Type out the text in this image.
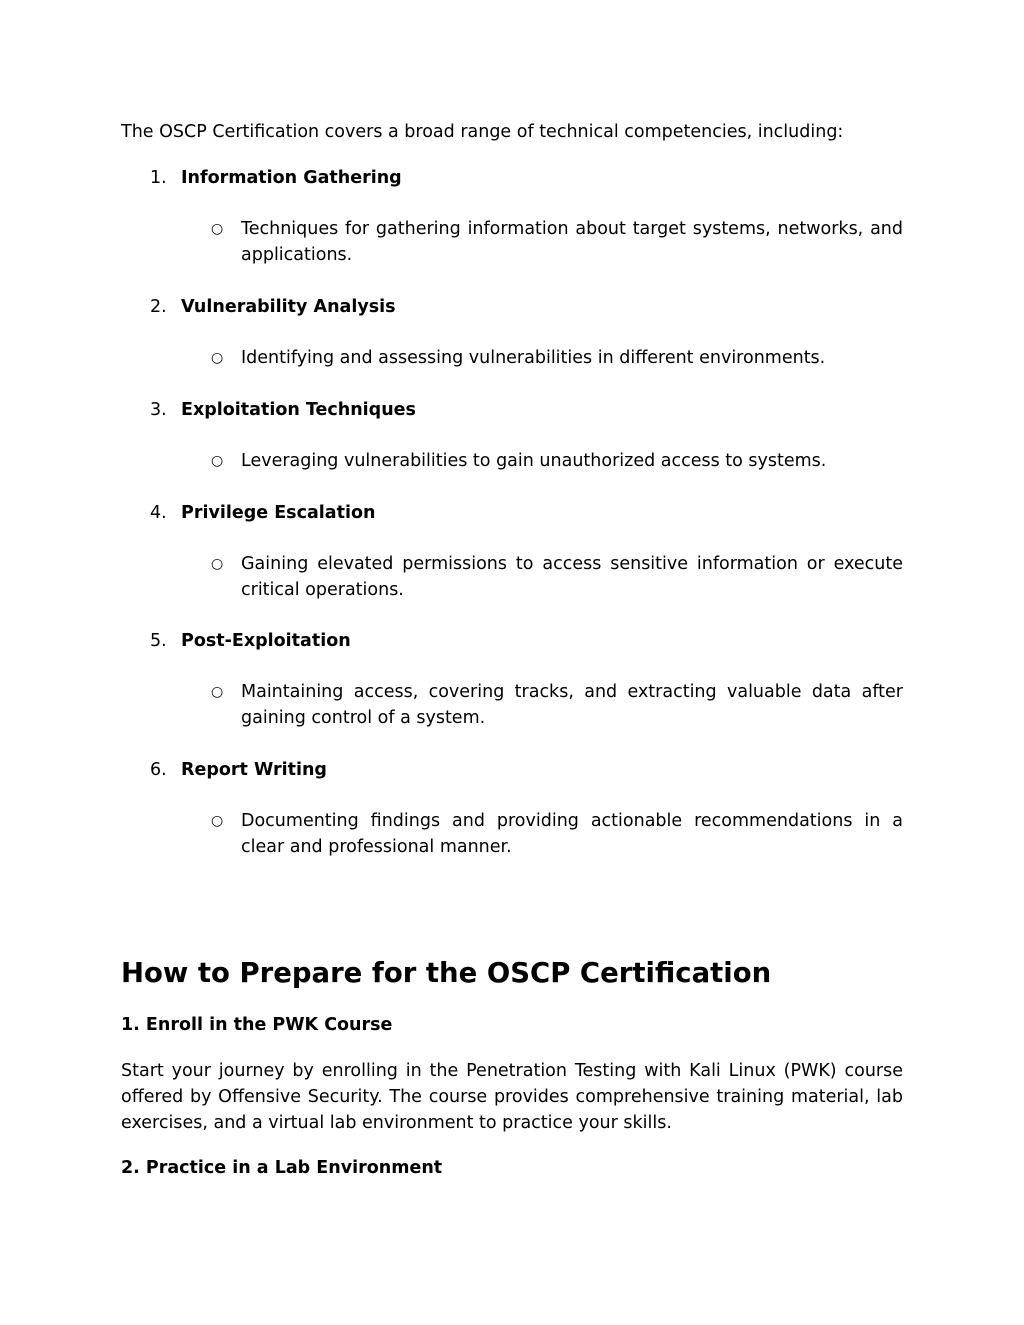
The OSCP Certification covers a broad range of technical competencies, including:

1. Information Gathering
○ Techniques for gathering information about target systems, networks, and applications.
2. Vulnerability Analysis
○ Identifying and assessing vulnerabilities in different environments.
3. Exploitation Techniques
○ Leveraging vulnerabilities to gain unauthorized access to systems.
4. Privilege Escalation
○ Gaining elevated permissions to access sensitive information or execute critical operations.
5. Post-Exploitation
○ Maintaining access, covering tracks, and extracting valuable data after gaining control of a system.
6. Report Writing
○ Documenting findings and providing actionable recommendations in a clear and professional manner.
How to Prepare for the OSCP Certification
1. Enroll in the PWK Course

Start your journey by enrolling in the Penetration Testing with Kali Linux (PWK) course offered by Offensive Security. The course provides comprehensive training material, lab exercises, and a virtual lab environment to practice your skills.

2. Practice in a Lab Environment
